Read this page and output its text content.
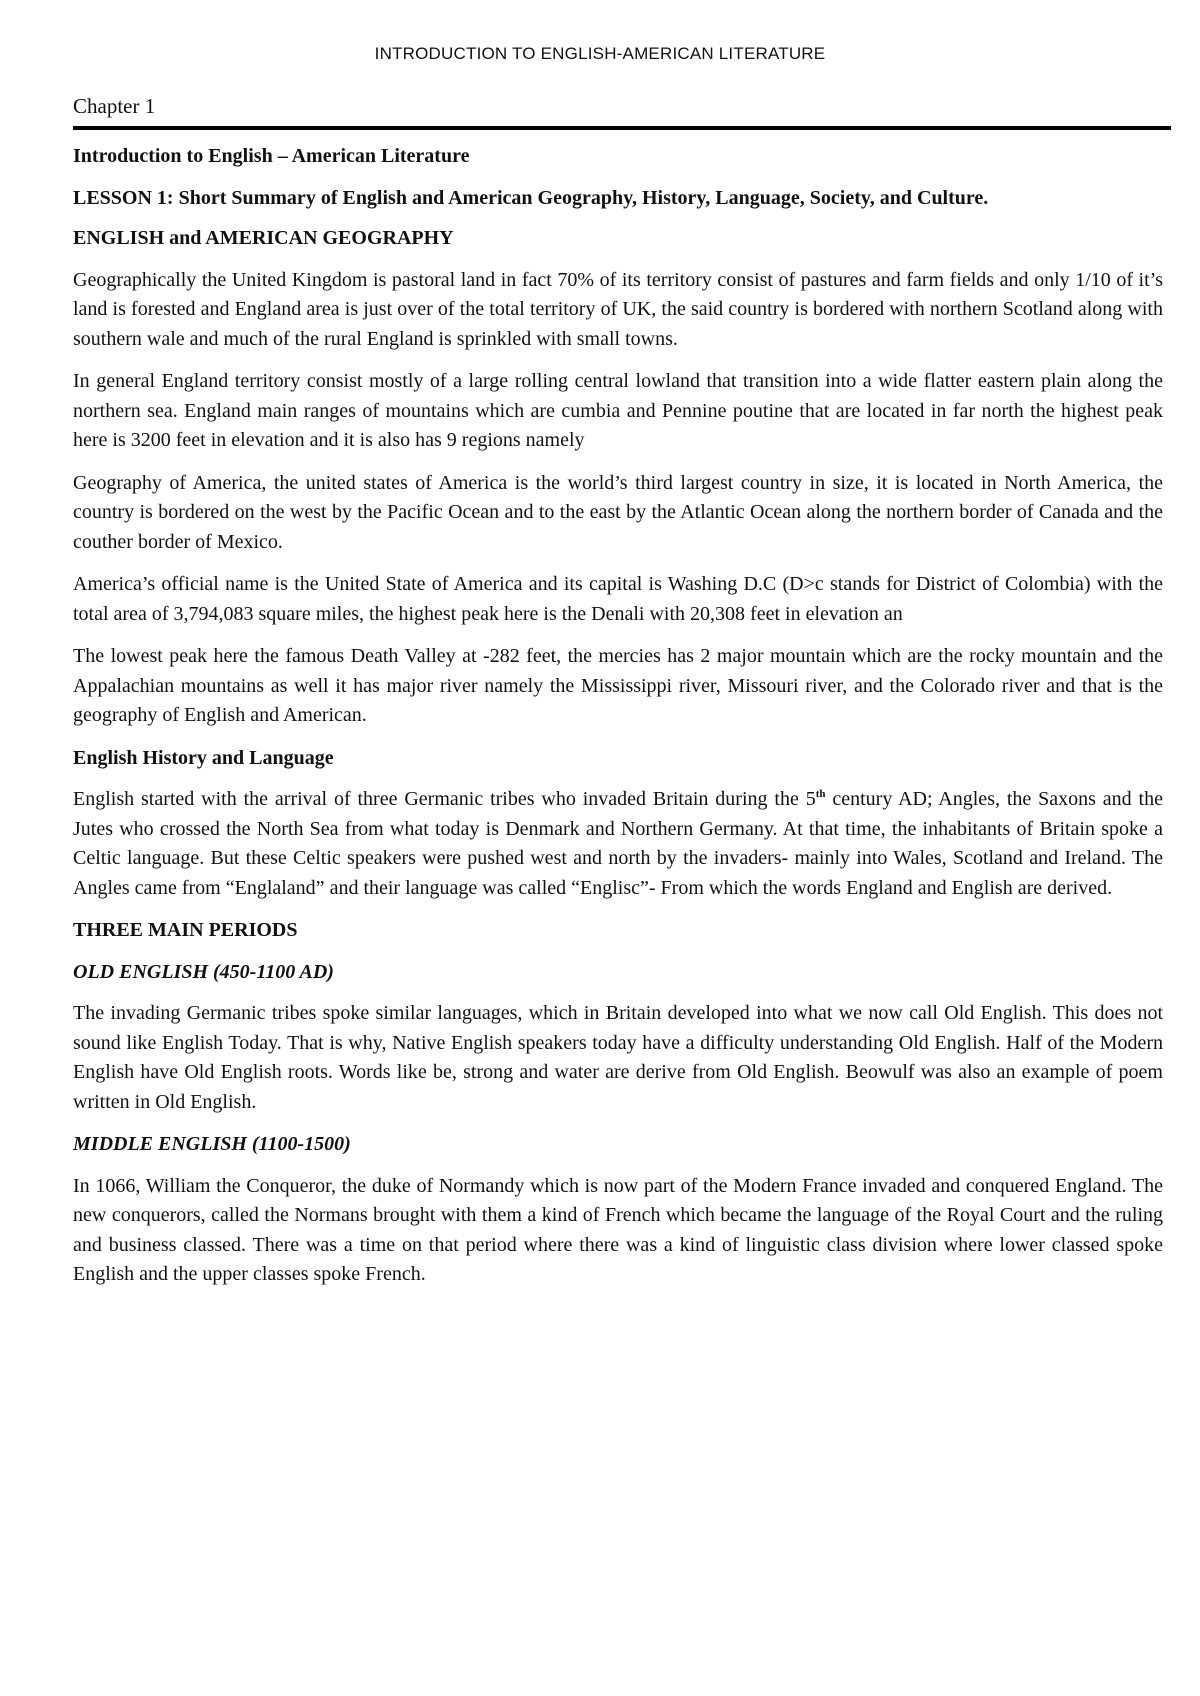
INTRODUCTION TO ENGLISH-AMERICAN LITERATURE
Chapter 1
Introduction to English – American Literature
LESSON 1: Short Summary of English and American Geography, History, Language, Society, and Culture.
ENGLISH and AMERICAN GEOGRAPHY

Geographically the United Kingdom is pastoral land in fact 70% of its territory consist of pastures and farm fields and only 1/10 of it’s land is forested and England area is just over of the total territory of UK, the said country is bordered with northern Scotland along with southern wale and much of the rural England is sprinkled with small towns.

In general England territory consist mostly of a large rolling central lowland that transition into a wide flatter eastern plain along the northern sea. England main ranges of mountains which are cumbia and Pennine poutine that are located in far north the highest peak here is 3200 feet in elevation and it is also has 9 regions namely

Geography of America, the united states of America is the world’s third largest country in size, it is located in North America, the country is bordered on the west by the Pacific Ocean and to the east by the Atlantic Ocean along the northern border of Canada and the couther border of Mexico.

America’s official name is the United State of America and its capital is Washing D.C (D>c stands for District of Colombia) with the total area of 3,794,083 square miles, the highest peak here is the Denali with 20,308 feet in elevation an

The lowest peak here the famous Death Valley at -282 feet, the mercies has 2 major mountain which are the rocky mountain and the Appalachian mountains as well it has major river namely the Mississippi river, Missouri river, and the Colorado river and that is the geography of English and American.

English History and Language

English started with the arrival of three Germanic tribes who invaded Britain during the 5th century AD; Angles, the Saxons and the Jutes who crossed the North Sea from what today is Denmark and Northern Germany. At that time, the inhabitants of Britain spoke a Celtic language. But these Celtic speakers were pushed west and north by the invaders- mainly into Wales, Scotland and Ireland. The Angles came from “Englaland” and their language was called “Englisc”- From which the words England and English are derived.

THREE MAIN PERIODS
OLD ENGLISH (450-1100 AD)

The invading Germanic tribes spoke similar languages, which in Britain developed into what we now call Old English. This does not sound like English Today. That is why, Native English speakers today have a difficulty understanding Old English. Half of the Modern English have Old English roots. Words like be, strong and water are derive from Old English. Beowulf was also an example of poem written in Old English.

MIDDLE ENGLISH (1100-1500)

In 1066, William the Conqueror, the duke of Normandy which is now part of the Modern France invaded and conquered England. The new conquerors, called the Normans brought with them a kind of French which became the language of the Royal Court and the ruling and business classed. There was a time on that period where there was a kind of linguistic class division where lower classed spoke English and the upper classes spoke French.
